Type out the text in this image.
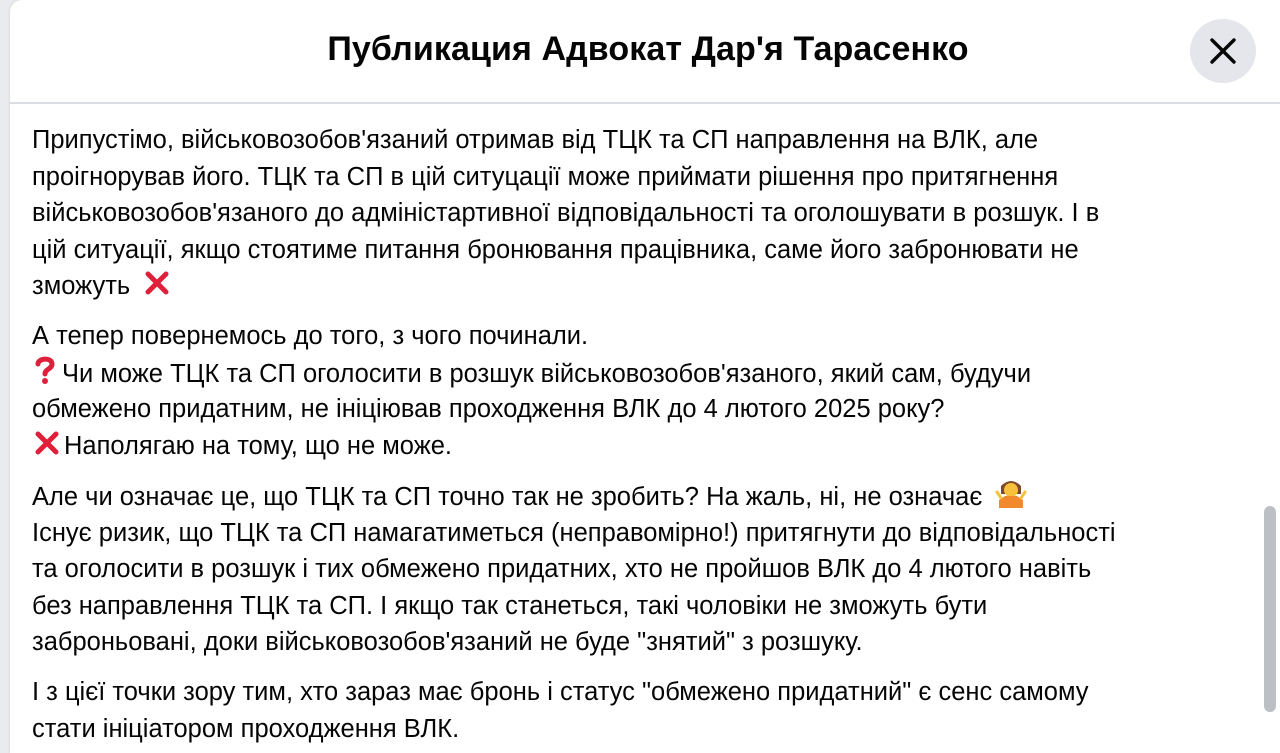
Публикация Адвокат Дар'я Тарасенко
Припустімо, військовозобов'язаний отримав від ТЦК та СП направлення на ВЛК, але
проігнорував його. ТЦК та СП в цій ситуцації може приймати рішення про притягнення
військовозобов'язаного до адміністартивної відповідальності та оголошувати в розшук. І в
цій ситуації, якщо стоятиме питання бронювання працівника, саме його забронювати не
зможуть
А тепер повернемось до того, з чого починали.
Чи може ТЦК та СП оголосити в розшук військовозобов'язаного, який сам, будучи
обмежено придатним, не ініціював проходження ВЛК до 4 лютого 2025 року?
Наполягаю на тому, що не може.
Але чи означає це, що ТЦК та СП точно так не зробить? На жаль, ні, не означає
Існує ризик, що ТЦК та СП намагатиметься (неправомірно!) притягнути до відповідальності
та оголосити в розшук і тих обмежено придатних, хто не пройшов ВЛК до 4 лютого навіть
без направлення ТЦК та СП. І якщо так станеться, такі чоловіки не зможуть бути
заброньовані, доки військовозобов'язаний не буде "знятий" з розшуку.
І з цієї точки зору тим, хто зараз має бронь і статус "обмежено придатний" є сенс самому
стати ініціатором проходження ВЛК.
